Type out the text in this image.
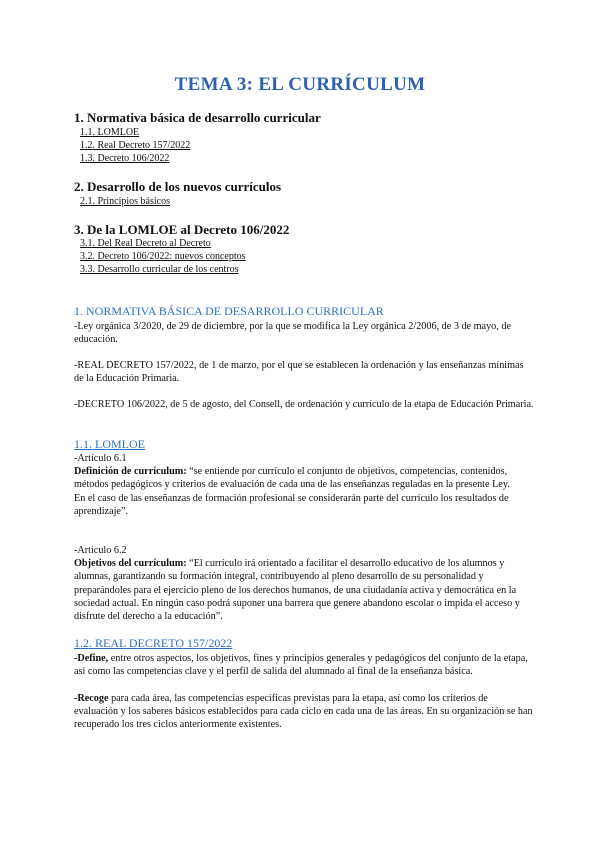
TEMA 3: EL CURRÍCULUM
1. Normativa básica de desarrollo curricular
1.1. LOMLOE
1.2. Real Decreto 157/2022
1.3. Decreto 106/2022
2. Desarrollo de los nuevos currículos
2.1. Principios básicos
3. De la LOMLOE al Decreto 106/2022
3.1. Del Real Decreto al Decreto
3.2. Decreto 106/2022: nuevos conceptos
3.3. Desarrollo curricular de los centros
1. NORMATIVA BÁSICA DE DESARROLLO CURRICULAR
-Ley orgánica 3/2020, de 29 de diciembre, por la que se modifica la Ley orgánica 2/2006, de 3 de mayo, de educación.
-REAL DECRETO 157/2022, de 1 de marzo, por el que se establecen la ordenación y las enseñanzas mínimas de la Educación Primaria.
-DECRETO 106/2022, de 5 de agosto, del Consell, de ordenación y currículo de la etapa de Educación Primaria.
1.1. LOMLOE
-Artículo 6.1
Definición de currículum: “se entiende por currículo el conjunto de objetivos, competencias, contenidos, métodos pedagógicos y criterios de evaluación de cada una de las enseñanzas reguladas en la presente Ley.
En el caso de las enseñanzas de formación profesional se considerarán parte del currículo los resultados de aprendizaje”.
-Artículo 6.2
Objetivos del currículum: “El currículo irá orientado a facilitar el desarrollo educativo de los alumnos y alumnas, garantizando su formación integral, contribuyendo al pleno desarrollo de su personalidad y preparándoles para el ejercicio pleno de los derechos humanos, de una ciudadanía activa y democrática en la sociedad actual. En ningún caso podrá suponer una barrera que genere abandono escolar o impida el acceso y disfrute del derecho a la educación”.
1.2. REAL DECRETO 157/2022
-Define, entre otros aspectos, los objetivos, fines y principios generales y pedagógicos del conjunto de la etapa, así como las competencias clave y el perfil de salida del alumnado al final de la enseñanza básica.
-Recoge para cada área, las competencias específicas previstas para la etapa, así como los criterios de evaluación y los saberes básicos establecidos para cada ciclo en cada una de las áreas. En su organización se han recuperado los tres ciclos anteriormente existentes.
